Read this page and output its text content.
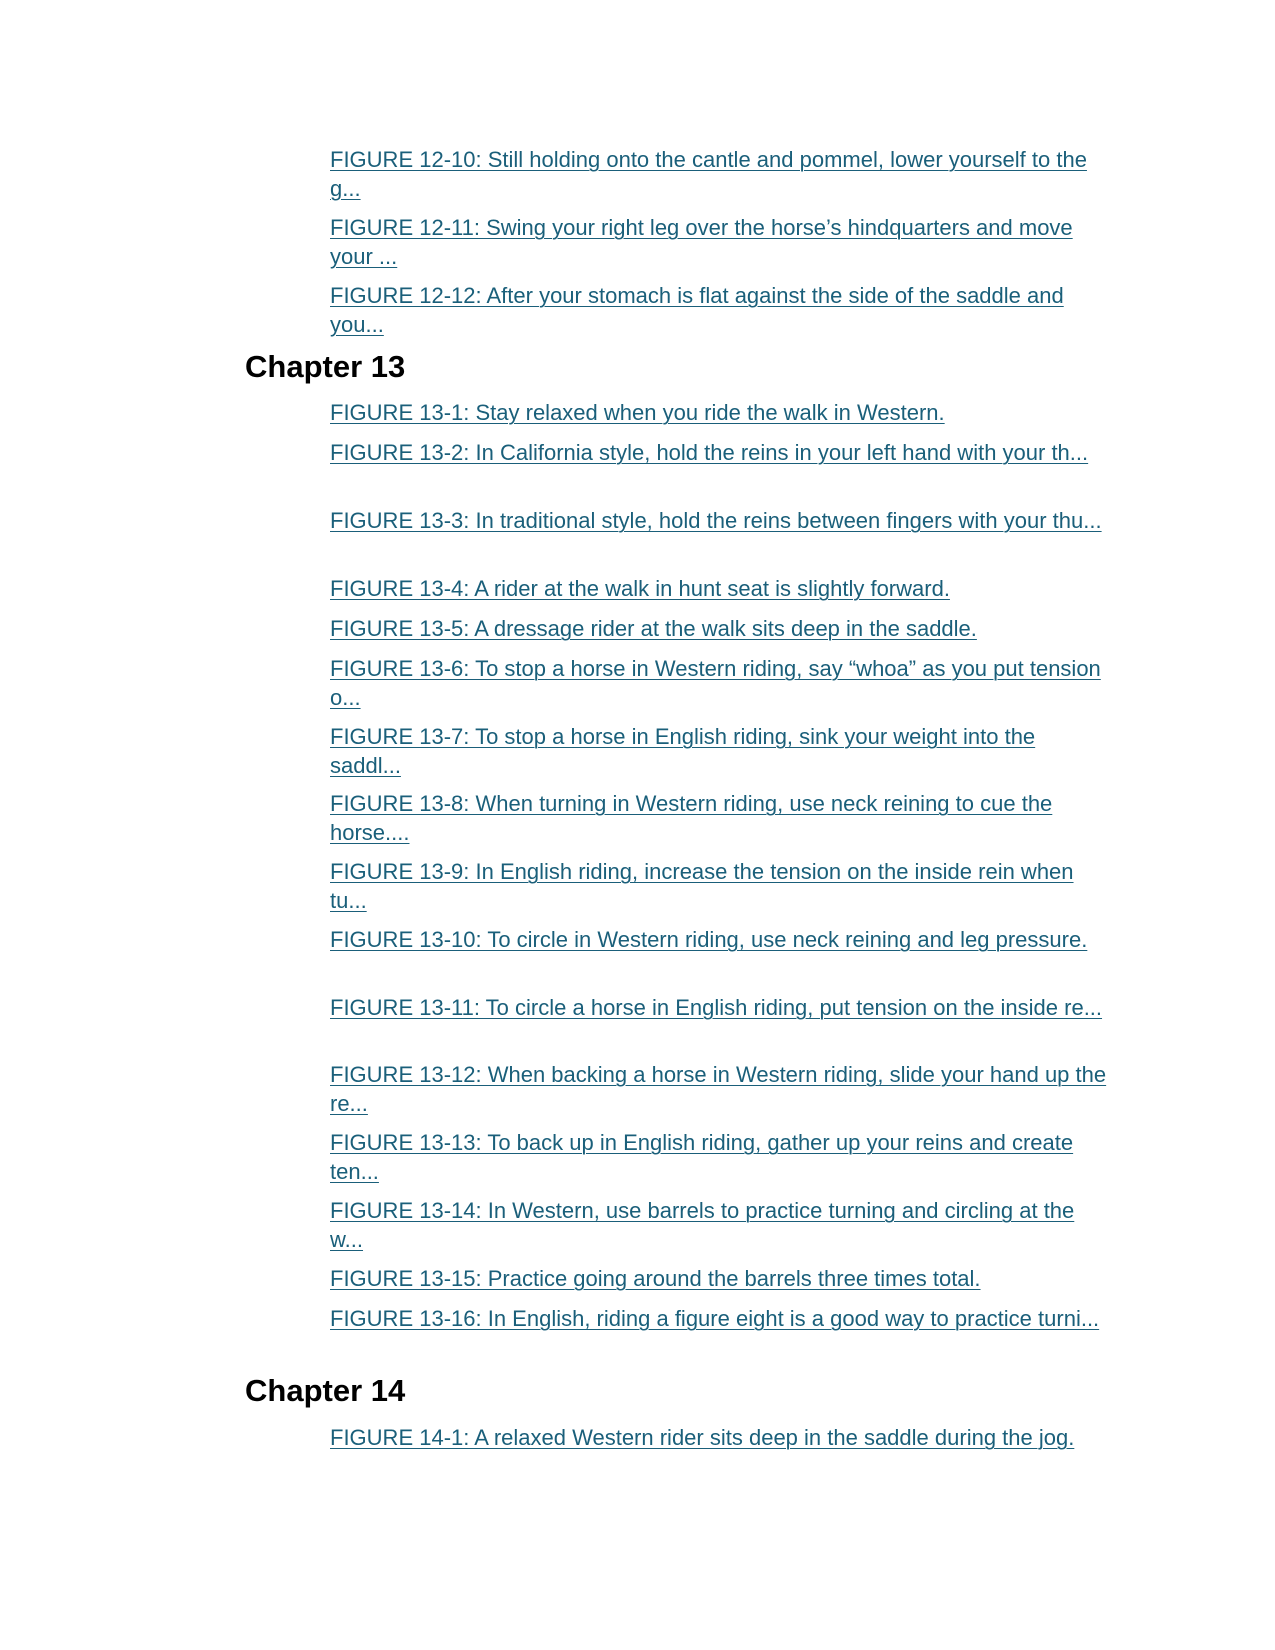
FIGURE 12-10: Still holding onto the cantle and pommel, lower yourself to the g...
FIGURE 12-11: Swing your right leg over the horse’s hindquarters and move your ...
FIGURE 12-12: After your stomach is flat against the side of the saddle and you...
Chapter 13
FIGURE 13-1: Stay relaxed when you ride the walk in Western.
FIGURE 13-2: In California style, hold the reins in your left hand with your th...
FIGURE 13-3: In traditional style, hold the reins between fingers with your thu...
FIGURE 13-4: A rider at the walk in hunt seat is slightly forward.
FIGURE 13-5: A dressage rider at the walk sits deep in the saddle.
FIGURE 13-6: To stop a horse in Western riding, say “whoa” as you put tension o...
FIGURE 13-7: To stop a horse in English riding, sink your weight into the saddl...
FIGURE 13-8: When turning in Western riding, use neck reining to cue the horse....
FIGURE 13-9: In English riding, increase the tension on the inside rein when tu...
FIGURE 13-10: To circle in Western riding, use neck reining and leg pressure.
FIGURE 13-11: To circle a horse in English riding, put tension on the inside re...
FIGURE 13-12: When backing a horse in Western riding, slide your hand up the re...
FIGURE 13-13: To back up in English riding, gather up your reins and create ten...
FIGURE 13-14: In Western, use barrels to practice turning and circling at the w...
FIGURE 13-15: Practice going around the barrels three times total.
FIGURE 13-16: In English, riding a figure eight is a good way to practice turni...
Chapter 14
FIGURE 14-1: A relaxed Western rider sits deep in the saddle during the jog.
